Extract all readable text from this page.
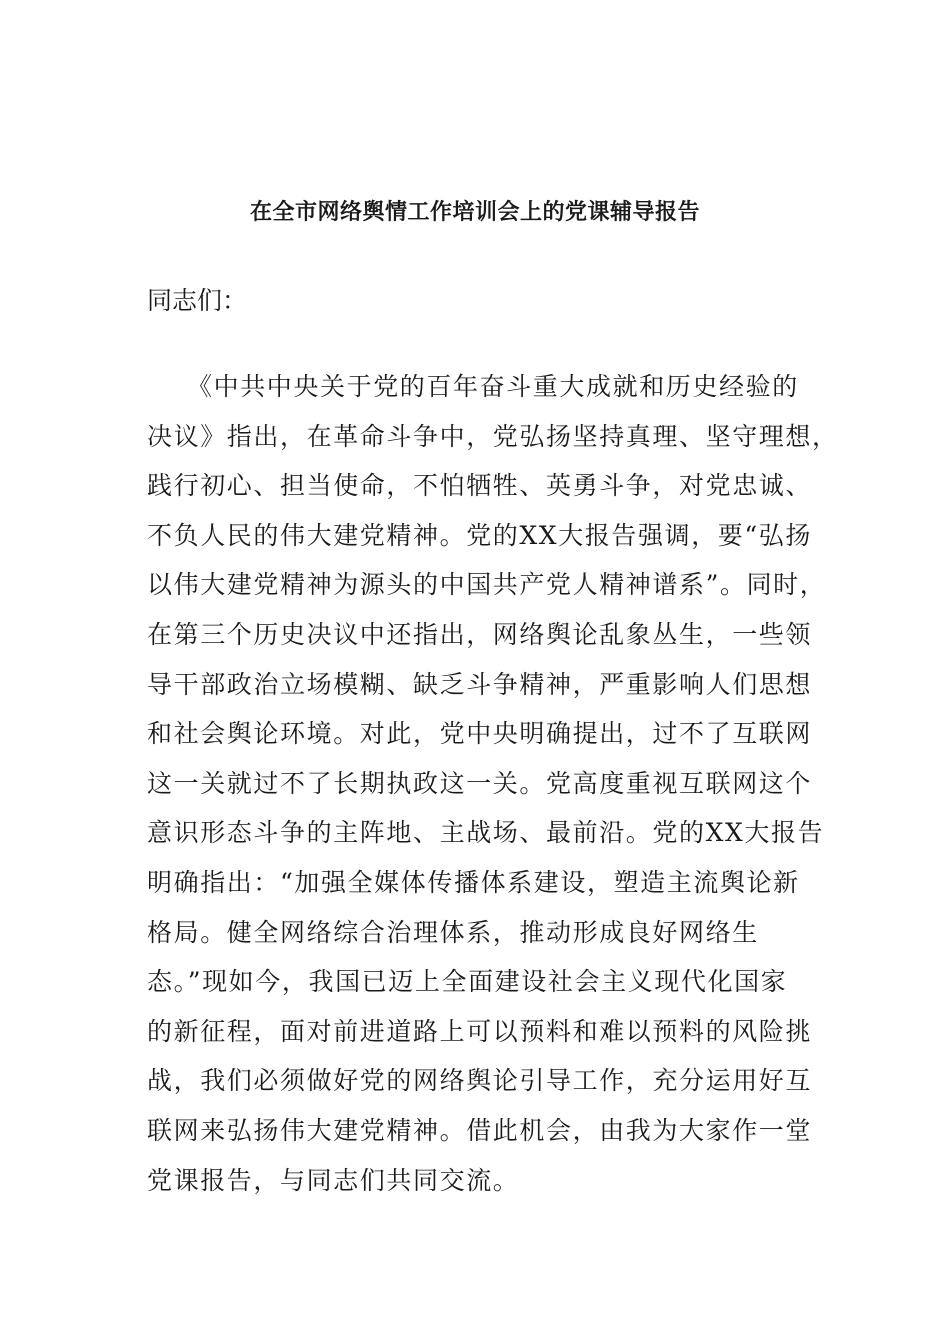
在全市网络舆情工作培训会上的党课辅导报告

同志们：

《中共中央关于党的百年奋斗重大成就和历史经验的
决议》指出，在革命斗争中，党弘扬坚持真理、坚守理想，
践行初心、担当使命，不怕牺牲、英勇斗争，对党忠诚、
不负人民的伟大建党精神。党的XX大报告强调，要“弘扬
以伟大建党精神为源头的中国共产党人精神谱系”。同时，
在第三个历史决议中还指出，网络舆论乱象丛生，一些领
导干部政治立场模糊、缺乏斗争精神，严重影响人们思想
和社会舆论环境。对此，党中央明确提出，过不了互联网
这一关就过不了长期执政这一关。党高度重视互联网这个
意识形态斗争的主阵地、主战场、最前沿。党的XX大报告
明确指出：“加强全媒体传播体系建设，塑造主流舆论新
格局。健全网络综合治理体系，推动形成良好网络生
态。”现如今，我国已迈上全面建设社会主义现代化国家
的新征程，面对前进道路上可以预料和难以预料的风险挑
战，我们必须做好党的网络舆论引导工作，充分运用好互
联网来弘扬伟大建党精神。借此机会，由我为大家作一堂
党课报告，与同志们共同交流。
